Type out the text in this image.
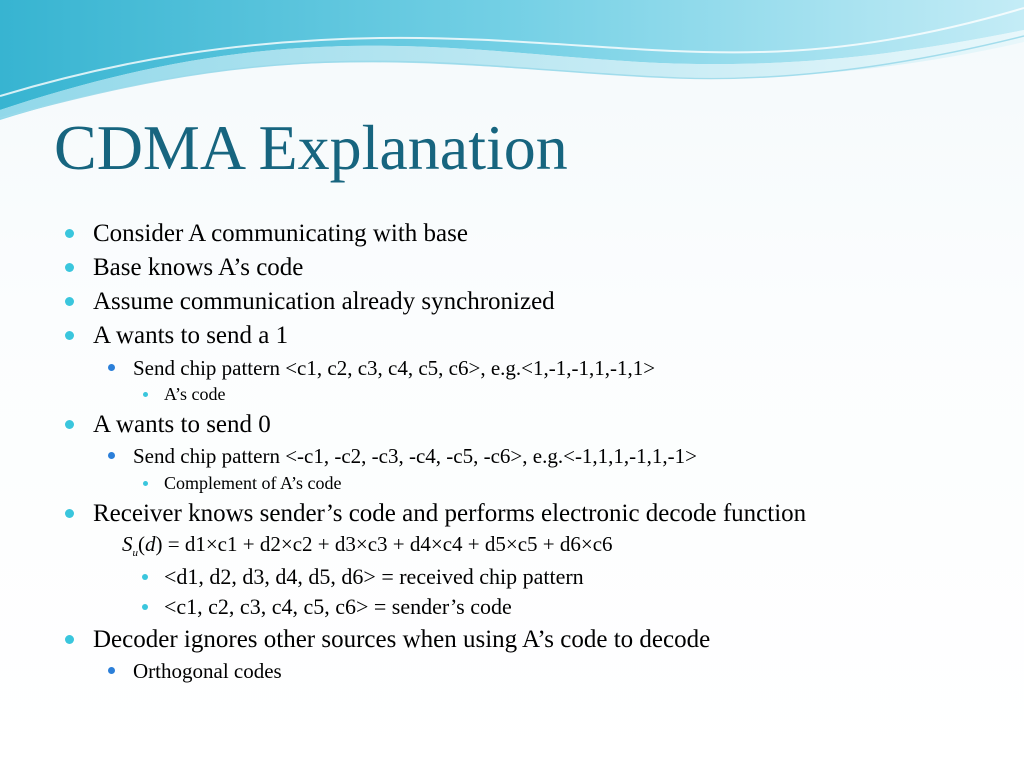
CDMA Explanation
Consider A communicating with base
Base knows A’s code
Assume communication already synchronized
A wants to send a 1
Send chip pattern <c1, c2, c3, c4, c5, c6>, e.g.<1,-1,-1,1,-1,1>
A’s code
A wants to send 0
Send chip pattern <-c1, -c2, -c3, -c4, -c5, -c6>, e.g.<-1,1,1,-1,1,-1>
Complement of A’s code
Receiver knows sender’s code and performs electronic decode function
$S_u(d) = d1\times c1 + d2\times c2 + d3\times c3 + d4\times c4 + d5\times c5 + d6\times c6$
<d1, d2, d3, d4, d5, d6> = received chip pattern
<c1, c2, c3, c4, c5, c6> = sender’s code
Decoder ignores other sources when using A’s code to decode
Orthogonal codes
